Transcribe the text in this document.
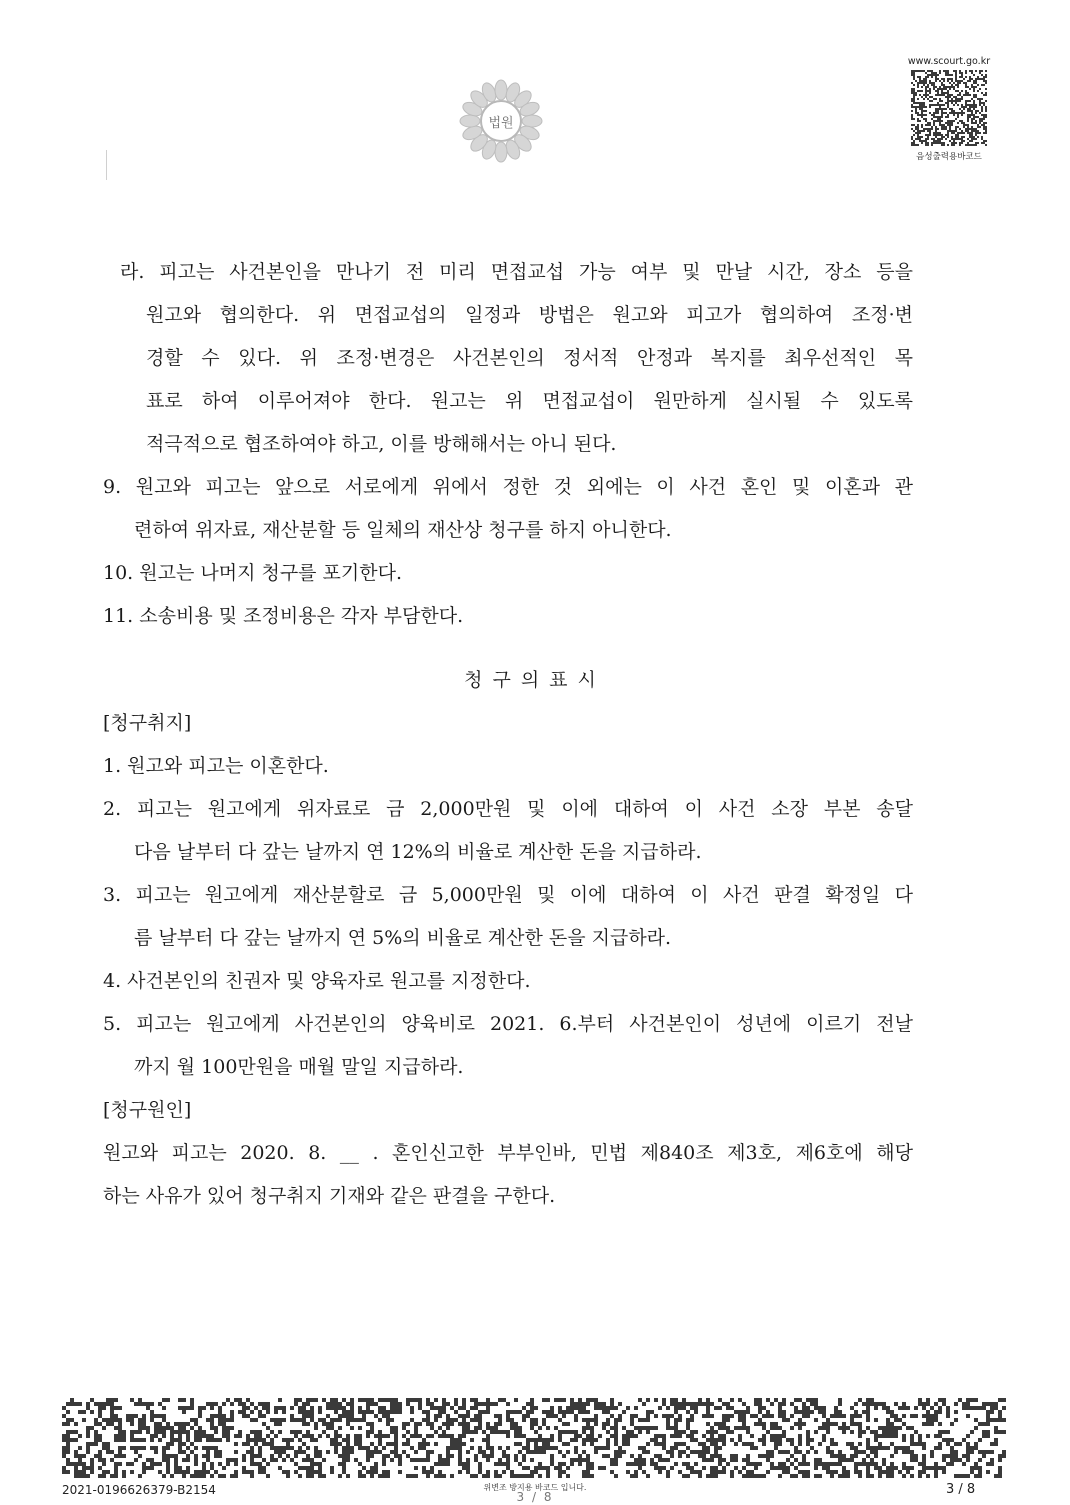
법원
www.scourt.go.kr
음성출력용바코드
라. 피고는 사건본인을 만나기 전 미리 면접교섭 가능 여부 및 만날 시간, 장소 등을
원고와 협의한다. 위 면접교섭의 일정과 방법은 원고와 피고가 협의하여 조정·변
경할 수 있다. 위 조정·변경은 사건본인의 정서적 안정과 복지를 최우선적인 목
표로 하여 이루어져야 한다. 원고는 위 면접교섭이 원만하게 실시될 수 있도록
적극적으로 협조하여야 하고, 이를 방해해서는 아니 된다.
9. 원고와 피고는 앞으로 서로에게 위에서 정한 것 외에는 이 사건 혼인 및 이혼과 관
련하여 위자료, 재산분할 등 일체의 재산상 청구를 하지 아니한다.
10. 원고는 나머지 청구를 포기한다.
11. 소송비용 및 조정비용은 각자 부담한다.
청구의표시
[청구취지]
1. 원고와 피고는 이혼한다.
2. 피고는 원고에게 위자료로 금 2,000만원 및 이에 대하여 이 사건 소장 부본 송달
다음 날부터 다 갚는 날까지 연 12%의 비율로 계산한 돈을 지급하라.
3. 피고는 원고에게 재산분할로 금 5,000만원 및 이에 대하여 이 사건 판결 확정일 다
름 날부터 다 갚는 날까지 연 5%의 비율로 계산한 돈을 지급하라.
4. 사건본인의 친권자 및 양육자로 원고를 지정한다.
5. 피고는 원고에게 사건본인의 양육비로 2021. 6.부터 사건본인이 성년에 이르기 전날
까지 월 100만원을 매월 말일 지급하라.
[청구원인]
원고와 피고는 2020. 8. __ . 혼인신고한 부부인바, 민법 제840조 제3호, 제6호에 해당
하는 사유가 있어 청구취지 기재와 같은 판결을 구한다.
2021-0196626379-B2154	위변조 방지용 바코드 입니다.
3 / 8	3 / 8
